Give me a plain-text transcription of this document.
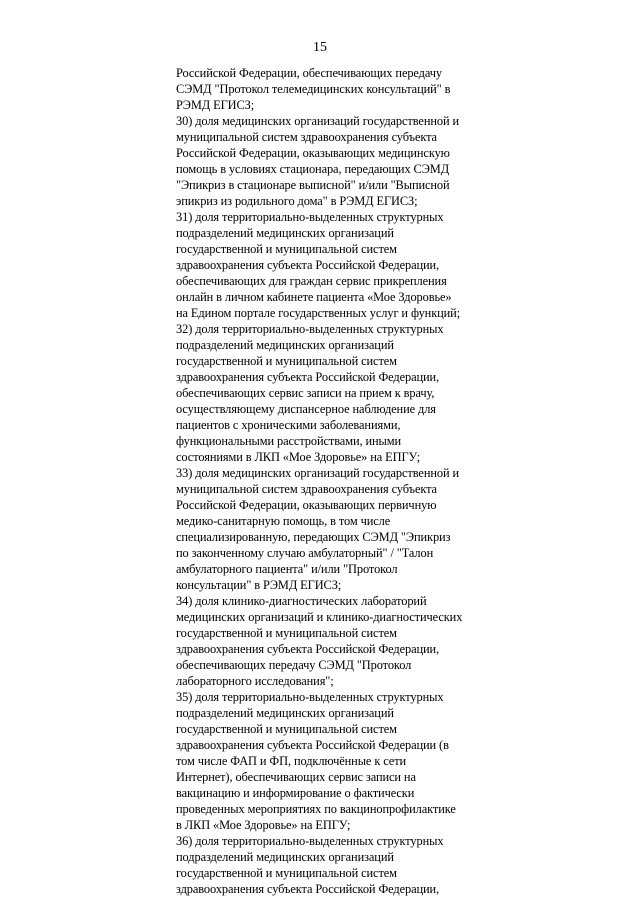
15
Российской Федерации, обеспечивающих передачу
СЭМД "Протокол телемедицинских консультаций" в
РЭМД ЕГИСЗ;
30) доля медицинских организаций государственной и
муниципальной систем здравоохранения субъекта
Российской Федерации, оказывающих медицинскую
помощь в условиях стационара, передающих СЭМД
"Эпикриз в стационаре выписной" и/или "Выписной
эпикриз из родильного дома" в РЭМД ЕГИСЗ;
31) доля территориально-выделенных структурных
подразделений медицинских организаций
государственной и муниципальной систем
здравоохранения субъекта Российской Федерации,
обеспечивающих для граждан сервис прикрепления
онлайн в личном кабинете пациента «Мое Здоровье»
на Едином портале государственных услуг и функций;
32) доля территориально-выделенных структурных
подразделений медицинских организаций
государственной и муниципальной систем
здравоохранения субъекта Российской Федерации,
обеспечивающих сервис записи на прием к врачу,
осуществляющему диспансерное наблюдение для
пациентов с хроническими заболеваниями,
функциональными расстройствами, иными
состояниями в ЛКП «Мое Здоровье» на ЕПГУ;
33) доля медицинских организаций государственной и
муниципальной систем здравоохранения субъекта
Российской Федерации, оказывающих первичную
медико-санитарную помощь, в том числе
специализированную, передающих СЭМД "Эпикриз
по законченному случаю амбулаторный" / "Талон
амбулаторного пациента" и/или "Протокол
консультации" в РЭМД ЕГИСЗ;
34) доля клинико-диагностических лабораторий
медицинских организаций и клинико-диагностических
государственной и муниципальной систем
здравоохранения субъекта Российской Федерации,
обеспечивающих передачу СЭМД "Протокол
лабораторного исследования";
35) доля территориально-выделенных структурных
подразделений медицинских организаций
государственной и муниципальной систем
здравоохранения субъекта Российской Федерации (в
том числе ФАП и ФП, подключённые к сети
Интернет), обеспечивающих сервис записи на
вакцинацию и информирование о фактически
проведенных мероприятиях по вакцинопрофилактике
в ЛКП «Мое Здоровье» на ЕПГУ;
36) доля территориально-выделенных структурных
подразделений медицинских организаций
государственной и муниципальной систем
здравоохранения субъекта Российской Федерации,
